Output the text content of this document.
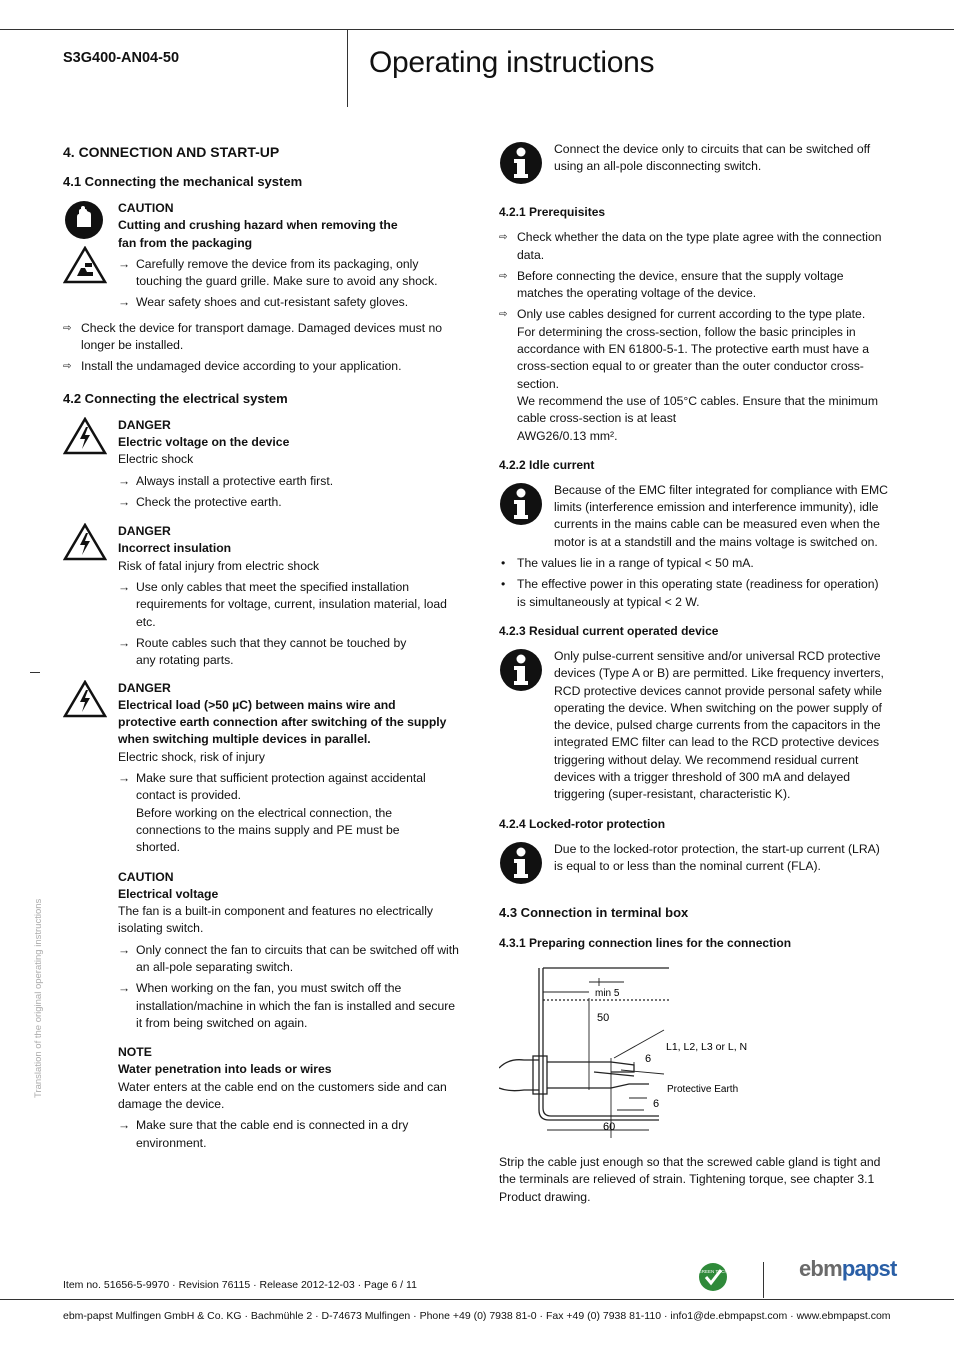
S3G400-AN04-50	Operating instructions
Translation of the original operating instructions
4. CONNECTION AND START-UP
4.1 Connecting the mechanical system
CAUTION
Cutting and crushing hazard when removing the fan from the packaging
→ Carefully remove the device from its packaging, only touching the guard grille. Make sure to avoid any shock.
→ Wear safety shoes and cut-resistant safety gloves.
⇨ Check the device for transport damage. Damaged devices must no longer be installed.
⇨ Install the undamaged device according to your application.
4.2 Connecting the electrical system
DANGER
Electric voltage on the device
Electric shock
→ Always install a protective earth first.
→ Check the protective earth.
DANGER
Incorrect insulation
Risk of fatal injury from electric shock
→ Use only cables that meet the specified installation requirements for voltage, current, insulation material, load etc.
→ Route cables such that they cannot be touched by any rotating parts.
DANGER
Electrical load (>50 µC) between mains wire and protective earth connection after switching of the supply when switching multiple devices in parallel.
Electric shock, risk of injury
→ Make sure that sufficient protection against accidental contact is provided.
Before working on the electrical connection, the connections to the mains supply and PE must be shorted.
CAUTION
Electrical voltage
The fan is a built-in component and features no electrically isolating switch.
→ Only connect the fan to circuits that can be switched off with an all-pole separating switch.
→ When working on the fan, you must switch off the installation/machine in which the fan is installed and secure it from being switched on again.
NOTE
Water penetration into leads or wires
Water enters at the cable end on the customers side and can damage the device.
→ Make sure that the cable end is connected in a dry environment.
Connect the device only to circuits that can be switched off using an all-pole disconnecting switch.
4.2.1 Prerequisites
⇨ Check whether the data on the type plate agree with the connection data.
⇨ Before connecting the device, ensure that the supply voltage matches the operating voltage of the device.
⇨ Only use cables designed for current according to the type plate.
For determining the cross-section, follow the basic principles in accordance with EN 61800-5-1. The protective earth must have a cross-section equal to or greater than the outer conductor cross-section.
We recommend the use of 105°C cables. Ensure that the minimum cable cross-section is at least
AWG26/0.13 mm².
4.2.2 Idle current
Because of the EMC filter integrated for compliance with EMC limits (interference emission and interference immunity), idle currents in the mains cable can be measured even when the motor is at a standstill and the mains voltage is switched on.
• The values lie in a range of typical < 50 mA.
• The effective power in this operating state (readiness for operation) is simultaneously at typical < 2 W.
4.2.3 Residual current operated device
Only pulse-current sensitive and/or universal RCD protective devices (Type A or B) are permitted. Like frequency inverters, RCD protective devices cannot provide personal safety while operating the device. When switching on the power supply of the device, pulsed charge currents from the capacitors in the integrated EMC filter can lead to the RCD protective devices triggering without delay. We recommend residual current devices with a trigger threshold of 300 mA and delayed triggering (super-resistant, characteristic K).
4.2.4 Locked-rotor protection
Due to the locked-rotor protection, the start-up current (LRA) is equal to or less than the nominal current (FLA).
4.3 Connection in terminal box
4.3.1 Preparing connection lines for the connection
min 5
50
L1, L2, L3 or L, N
6
Protective Earth
6
60
Strip the cable just enough so that the screwed cable gland is tight and the terminals are relieved of strain. Tightening torque, see chapter 3.1 Product drawing.
Item no. 51656-5-9970 · Revision 76115 · Release 2012-12-03 · Page 6 / 11
GREEN TECH	ebmpapst
ebm-papst Mulfingen GmbH & Co. KG · Bachmühle 2 · D-74673 Mulfingen · Phone +49 (0) 7938 81-0 · Fax +49 (0) 7938 81-110 · info1@de.ebmpapst.com · www.ebmpapst.com
